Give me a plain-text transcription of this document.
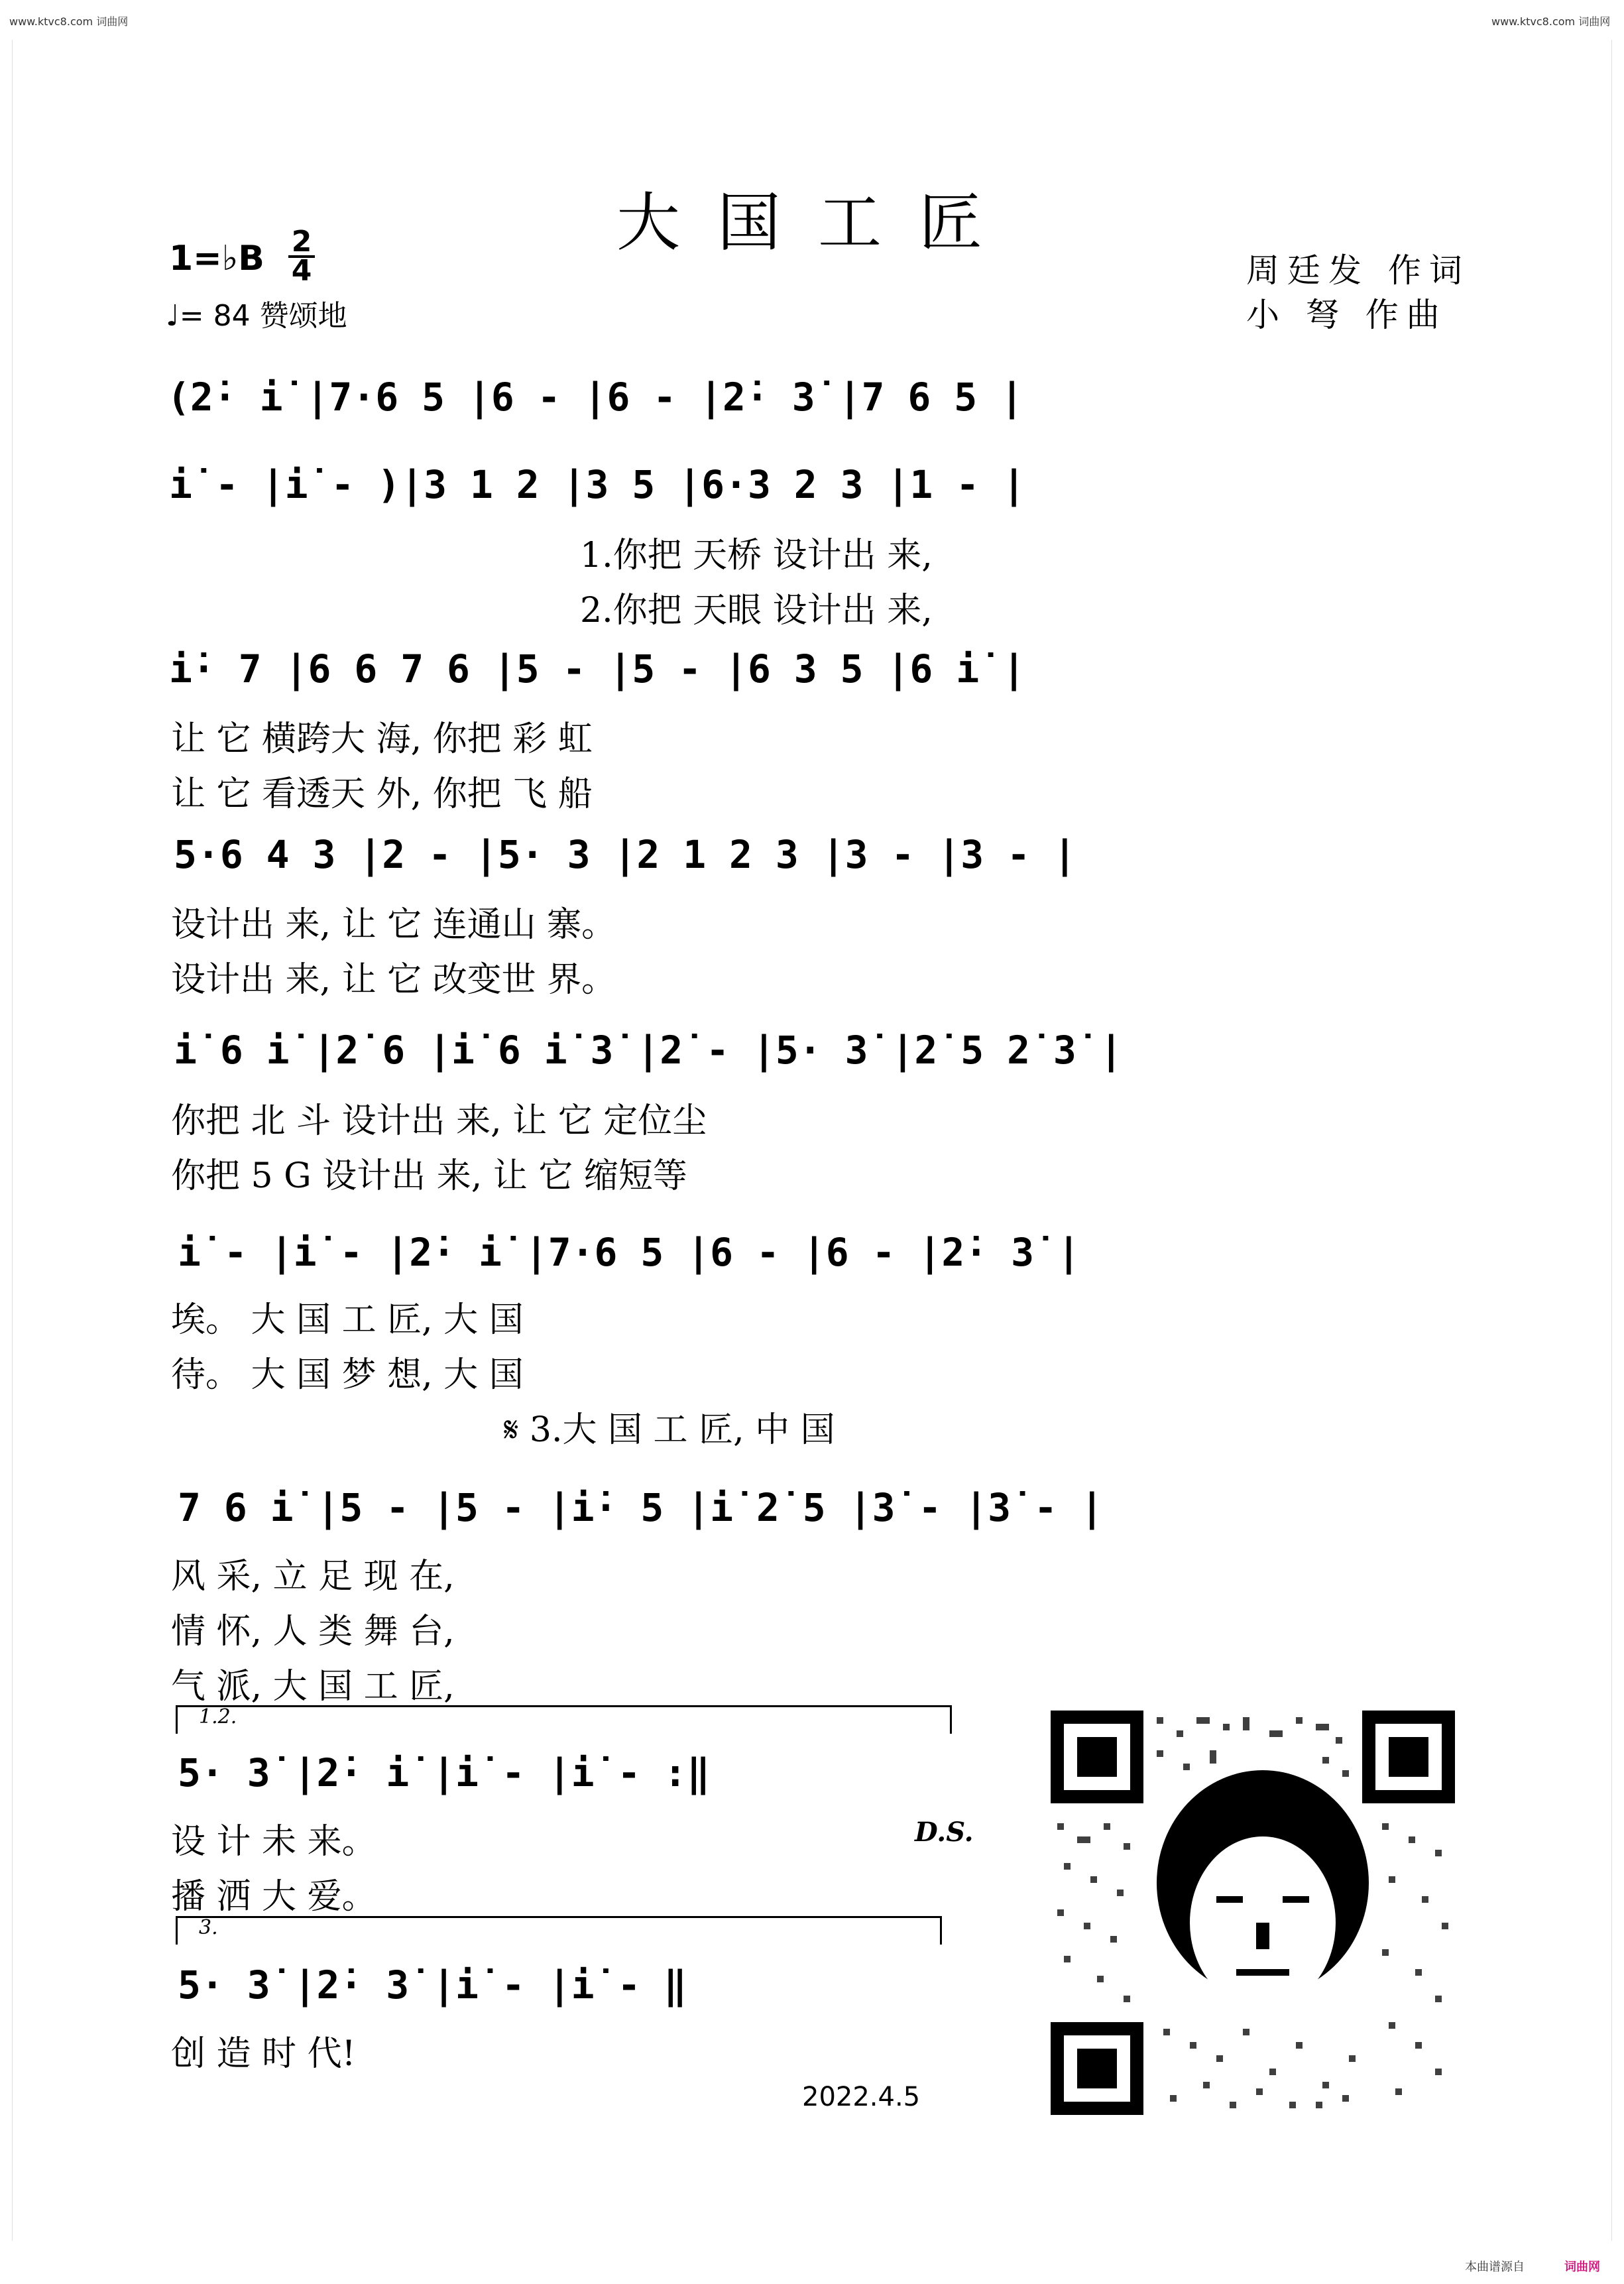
www.ktvc8.com 词曲网	www.ktvc8.com 词曲网
大国工匠
1=♭B 2
4
♩= 84 赞颂地
周廷发 作词
小 弩 作曲
(2̇· i̇ |7·6 5 |6 - |6 - |2̇· 3̇ |7 6 5 |
i̇ - |i̇ - )|3 1 2 |3 5 |6·3 2 3 |1 - |
1.你把 天桥 设计出 来,
2.你把 天眼 设计出 来,
i̇· 7 |6 6 7 6 |5 - |5 - |6 3 5 |6 i̇ |
让 它 横跨大 海, 你把 彩 虹
让 它 看透天 外, 你把 飞 船
5·6 4 3 |2 - |5· 3 |2 1 2 3 |3 - |3 - |
设计出 来, 让 它 连通山 寨。
设计出 来, 让 它 改变世 界。
i̇ 6 i̇ |2̇ 6 |i̇ 6 i̇ 3̇ |2̇ - |5· 3̇ |2̇ 5 2̇ 3̇ |
你把 北 斗 设计出 来, 让 它 定位尘
你把 5 G 设计出 来, 让 它 缩短等
i̇ - |i̇ - |2̇· i̇ |7·6 5 |6 - |6 - |2̇· 3̇ |
埃。 大 国 工 匠, 大 国
待。 大 国 梦 想, 大 国
𝄋 3.大 国 工 匠, 中 国
7 6 i̇ |5 - |5 - |i̇· 5 |i̇ 2̇ 5 |3̇ - |3̇ - |
风 采, 立 足 现 在,
情 怀, 人 类 舞 台,
气 派, 大 国 工 匠,
1.2.
5· 3̇ |2̇· i̇ |i̇ - |i̇ - :‖
设 计 未 来。
播 洒 大 爱。
D.S.
3.
5· 3̇ |2̇· 3̇ |i̇ - |i̇ - ‖
创 造 时 代!
2022.4.5
本曲谱源自	词曲网
